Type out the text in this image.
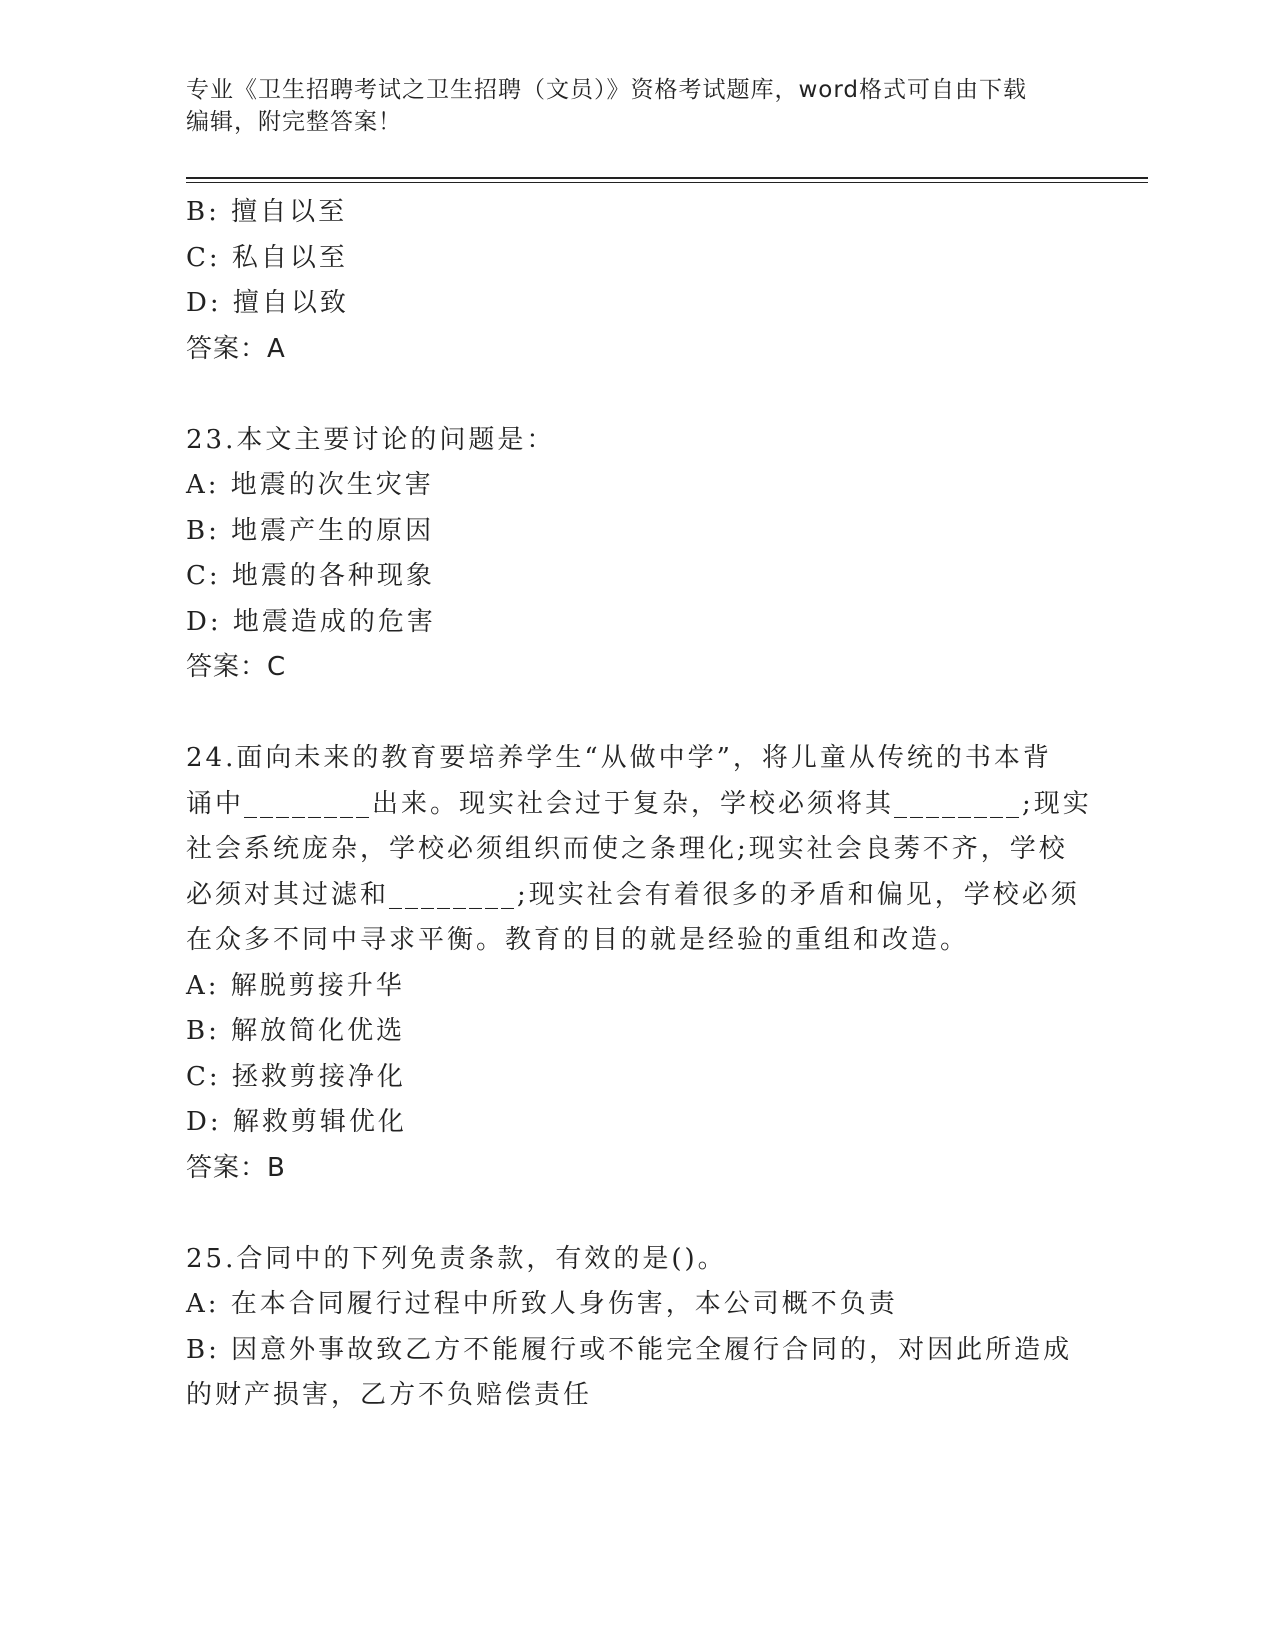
专业《卫生招聘考试之卫生招聘（文员）》资格考试题库，word格式可自由下载
编辑，附完整答案！
B: 擅自以至
C: 私自以至
D: 擅自以致
答案：A
23.本文主要讨论的问题是：
A: 地震的次生灾害
B: 地震产生的原因
C: 地震的各种现象
D: 地震造成的危害
答案：C
24.面向未来的教育要培养学生“从做中学”，将儿童从传统的书本背
诵中________出来。现实社会过于复杂，学校必须将其________;现实
社会系统庞杂，学校必须组织而使之条理化;现实社会良莠不齐，学校
必须对其过滤和________;现实社会有着很多的矛盾和偏见，学校必须
在众多不同中寻求平衡。教育的目的就是经验的重组和改造。
A: 解脱剪接升华
B: 解放简化优选
C: 拯救剪接净化
D: 解救剪辑优化
答案：B
25.合同中的下列免责条款，有效的是()。
A: 在本合同履行过程中所致人身伤害，本公司概不负责
B: 因意外事故致乙方不能履行或不能完全履行合同的，对因此所造成
的财产损害，乙方不负赔偿责任
